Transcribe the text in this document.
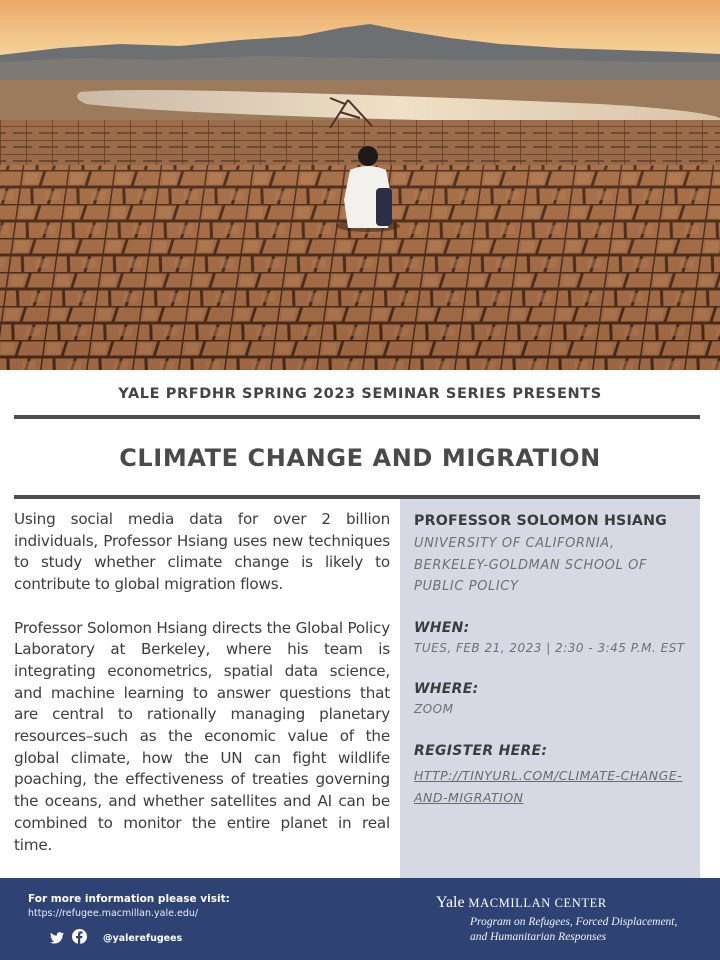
YALE PRFDHR SPRING 2023 SEMINAR SERIES PRESENTS
CLIMATE CHANGE AND MIGRATION

Using social media data for over 2 billion individuals, Professor Hsiang uses new techniques to study whether climate change is likely to contribute to global migration flows.

Professor Solomon Hsiang directs the Global Policy Laboratory at Berkeley, where his team is integrating econometrics, spatial data science, and machine learning to answer questions that are central to rationally managing planetary resources–such as the economic value of the global climate, how the UN can fight wildlife poaching, the effectiveness of treaties governing the oceans, and whether satellites and AI can be combined to monitor the entire planet in real time.

PROFESSOR SOLOMON HSIANG
UNIVERSITY OF CALIFORNIA, BERKELEY-GOLDMAN SCHOOL OF PUBLIC POLICY
WHEN:
TUES, FEB 21, 2023 | 2:30 - 3:45 P.M. EST
WHERE:
ZOOM
REGISTER HERE:
HTTP://TINYURL.COM/CLIMATE-CHANGE-AND-MIGRATION
For more information please visit:
https://refugee.macmillan.yale.edu/
@yalerefugees
Yale MACMILLAN CENTER
Program on Refugees, Forced Displacement,
and Humanitarian Responses
